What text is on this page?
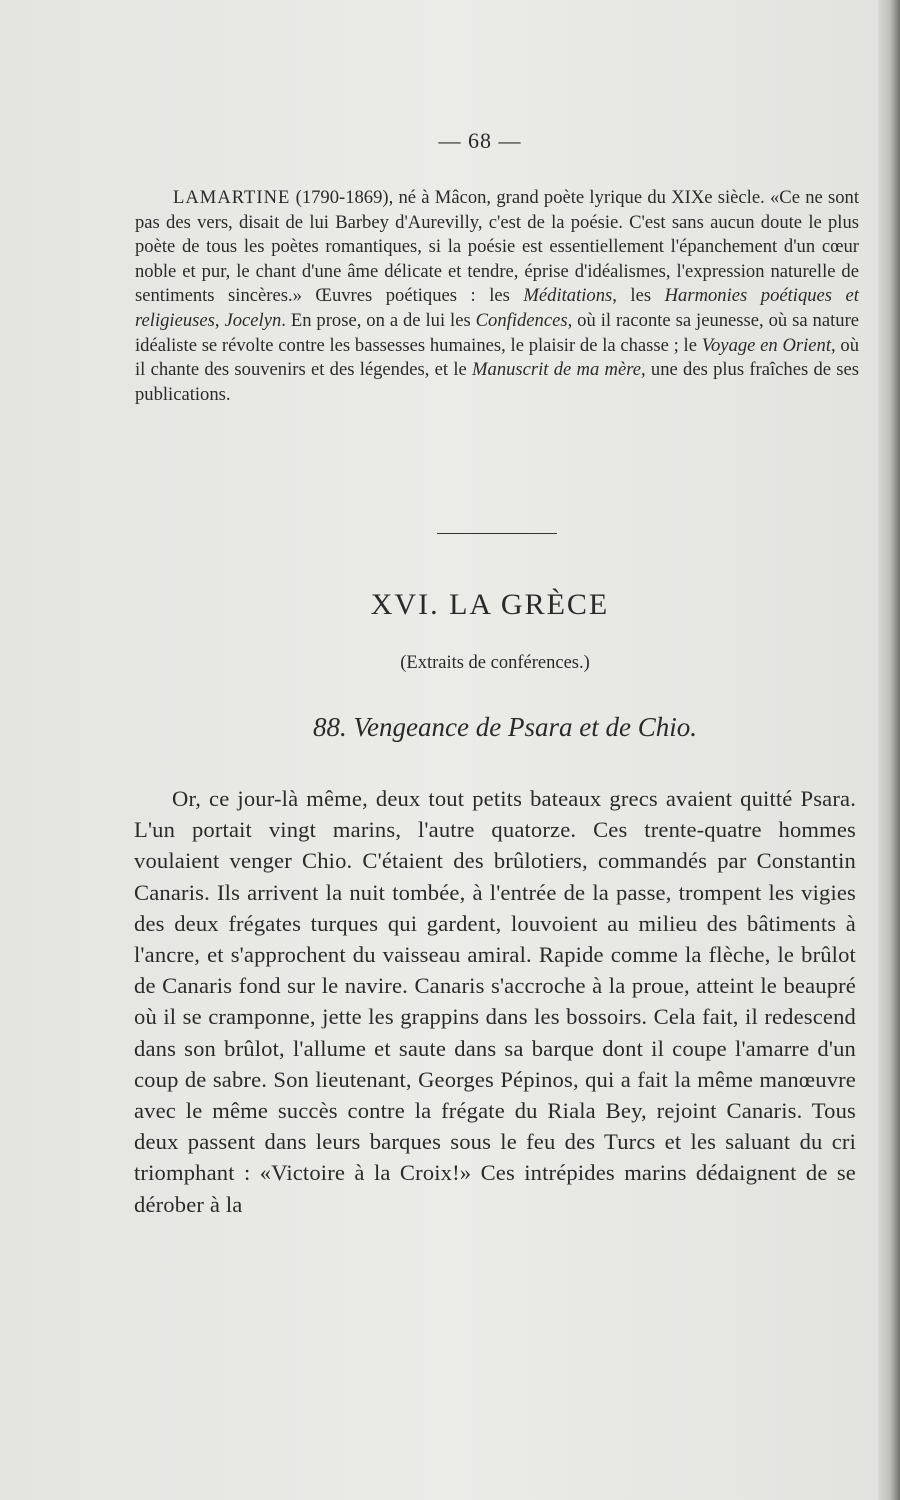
— 68 —

LAMARTINE (1790-1869), né à Mâcon, grand poète lyrique du XIXe siècle. «Ce ne sont pas des vers, disait de lui Barbey d'Aurevilly, c'est de la poésie. C'est sans aucun doute le plus poète de tous les poètes romantiques, si la poésie est essentiellement l'épanchement d'un cœur noble et pur, le chant d'une âme délicate et tendre, éprise d'idéalismes, l'expression naturelle de sentiments sincères.» Œuvres poétiques : les Méditations, les Harmonies poétiques et religieuses, Jocelyn. En prose, on a de lui les Confidences, où il raconte sa jeunesse, où sa nature idéaliste se révolte contre les bassesses humaines, le plaisir de la chasse ; le Voyage en Orient, où il chante des souvenirs et des légendes, et le Manuscrit de ma mère, une des plus fraîches de ses publications.

XVI. LA GRÈCE
(Extraits de conférences.)
88. Vengeance de Psara et de Chio.

Or, ce jour-là même, deux tout petits bateaux grecs avaient quitté Psara. L'un portait vingt marins, l'autre quatorze. Ces trente-quatre hommes voulaient venger Chio. C'étaient des brûlotiers, commandés par Constantin Canaris. Ils arrivent la nuit tombée, à l'entrée de la passe, trompent les vigies des deux frégates turques qui gardent, louvoient au milieu des bâtiments à l'ancre, et s'approchent du vaisseau amiral. Rapide comme la flèche, le brûlot de Canaris fond sur le navire. Canaris s'accroche à la proue, atteint le beaupré où il se cramponne, jette les grappins dans les bossoirs. Cela fait, il redescend dans son brûlot, l'allume et saute dans sa barque dont il coupe l'amarre d'un coup de sabre. Son lieutenant, Georges Pépinos, qui a fait la même manœuvre avec le même succès contre la frégate du Riala Bey, rejoint Canaris. Tous deux passent dans leurs barques sous le feu des Turcs et les saluant du cri triomphant : «Victoire à la Croix!» Ces intrépides marins dédaignent de se dérober à la
